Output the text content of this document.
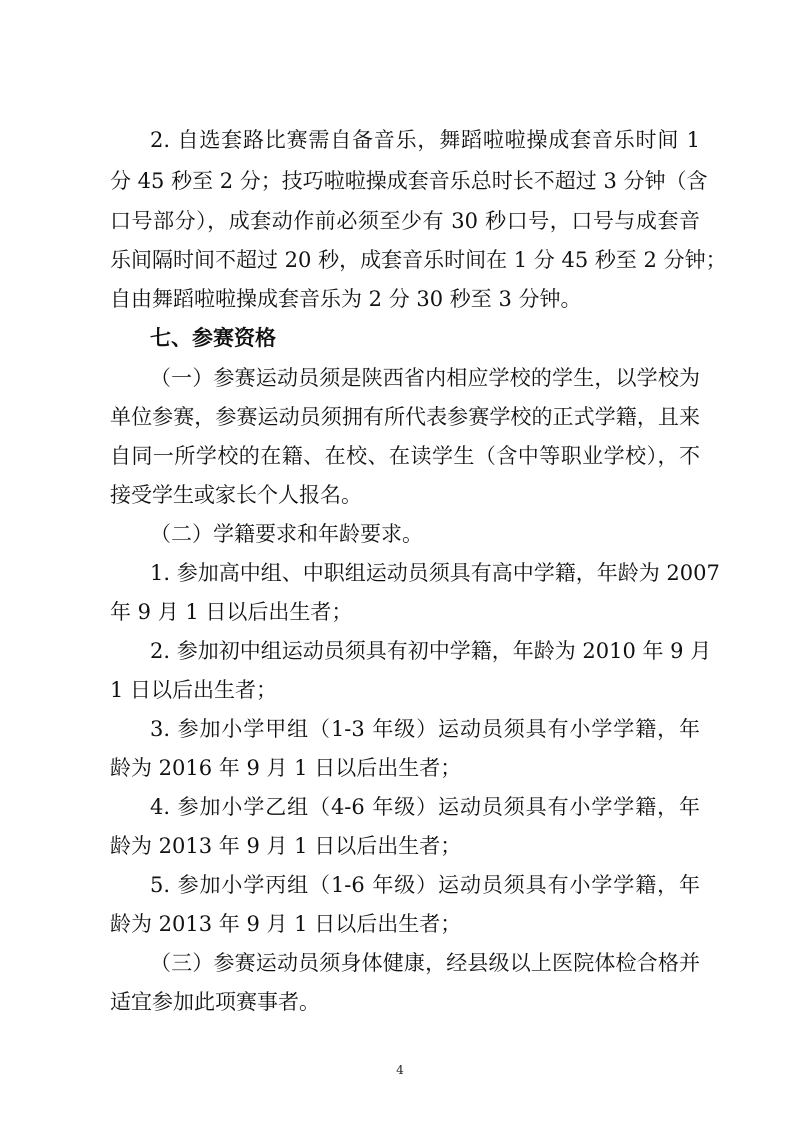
2. 自选套路比赛需自备音乐，舞蹈啦啦操成套音乐时间 1
分 45 秒至 2 分；技巧啦啦操成套音乐总时长不超过 3 分钟（含
口号部分），成套动作前必须至少有 30 秒口号，口号与成套音
乐间隔时间不超过 20 秒，成套音乐时间在 1 分 45 秒至 2 分钟；
自由舞蹈啦啦操成套音乐为 2 分 30 秒至 3 分钟。
七、参赛资格
（一）参赛运动员须是陕西省内相应学校的学生，以学校为
单位参赛，参赛运动员须拥有所代表参赛学校的正式学籍，且来
自同一所学校的在籍、在校、在读学生（含中等职业学校），不
接受学生或家长个人报名。
（二）学籍要求和年龄要求。
1. 参加高中组、中职组运动员须具有高中学籍，年龄为 2007
年 9 月 1 日以后出生者；
2. 参加初中组运动员须具有初中学籍，年龄为 2010 年 9 月
1 日以后出生者；
3. 参加小学甲组（1-3 年级）运动员须具有小学学籍，年
龄为 2016 年 9 月 1 日以后出生者；
4. 参加小学乙组（4-6 年级）运动员须具有小学学籍，年
龄为 2013 年 9 月 1 日以后出生者；
5. 参加小学丙组（1-6 年级）运动员须具有小学学籍，年
龄为 2013 年 9 月 1 日以后出生者；
（三）参赛运动员须身体健康，经县级以上医院体检合格并
适宜参加此项赛事者。
4
